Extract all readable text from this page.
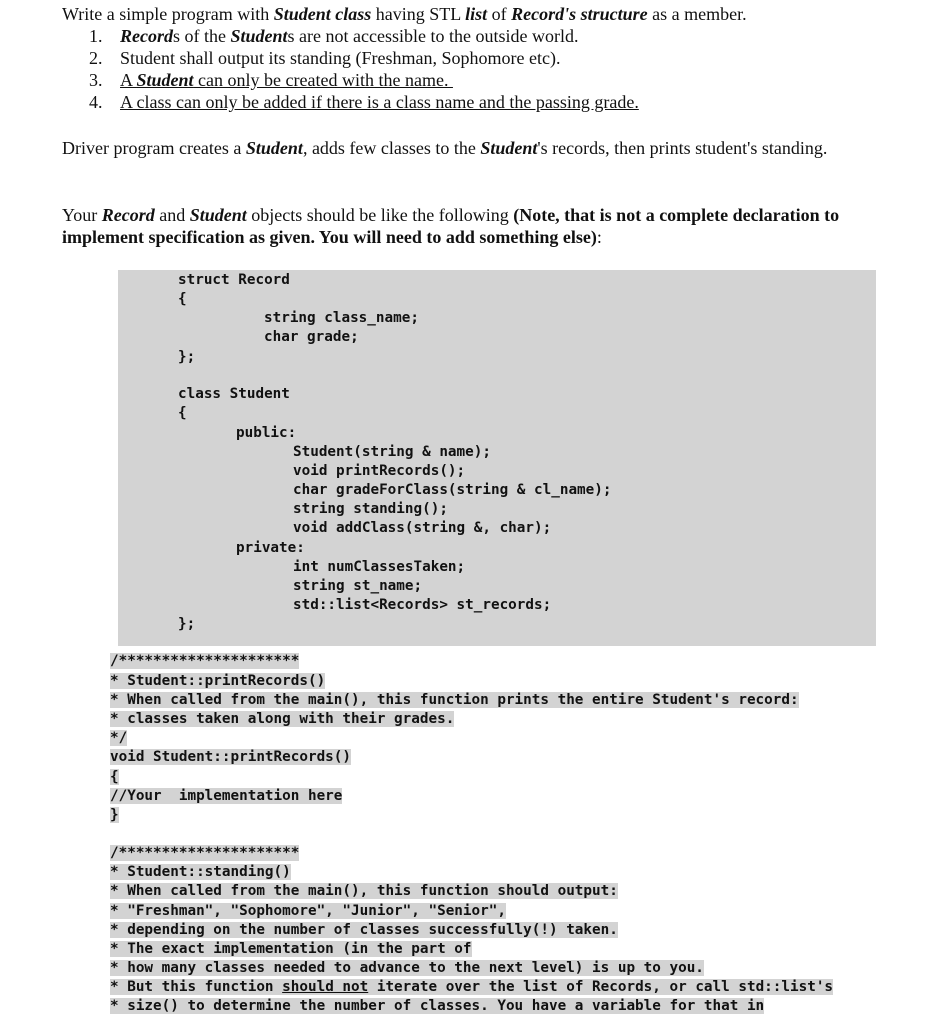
Write a simple program with Student class having STL list of Record's structure as a member.
1. Records of the Students are not accessible to the outside world.
2. Student shall output its standing (Freshman, Sophomore etc).
3. A Student can only be created with the name.
4. A class can only be added if there is a class name and the passing grade.
Driver program creates a Student, adds few classes to the Student's records, then prints student's standing.
Your Record and Student objects should be like the following (Note, that is not a complete declaration to implement specification as given. You will need to add something else):
struct Record
{
string class_name;
char grade;
};
class Student
{
public:
Student(string & name);
void printRecords();
char gradeForClass(string & cl_name);
string standing();
void addClass(string &, char);
private:
int numClassesTaken;
string st_name;
std::list<Records> st_records;
};
/*********************
* Student::printRecords()
* When called from the main(), this function prints the entire Student's record:
* classes taken along with their grades.
*/
void Student::printRecords()
{
//Your  implementation here
}
/*********************
* Student::standing()
* When called from the main(), this function should output:
* "Freshman", "Sophomore", "Junior", "Senior",
* depending on the number of classes successfully(!) taken.
* The exact implementation (in the part of
* how many classes needed to advance to the next level) is up to you.
* But this function should not iterate over the list of Records, or call std::list's
* size() to determine the number of classes. You have a variable for that in
